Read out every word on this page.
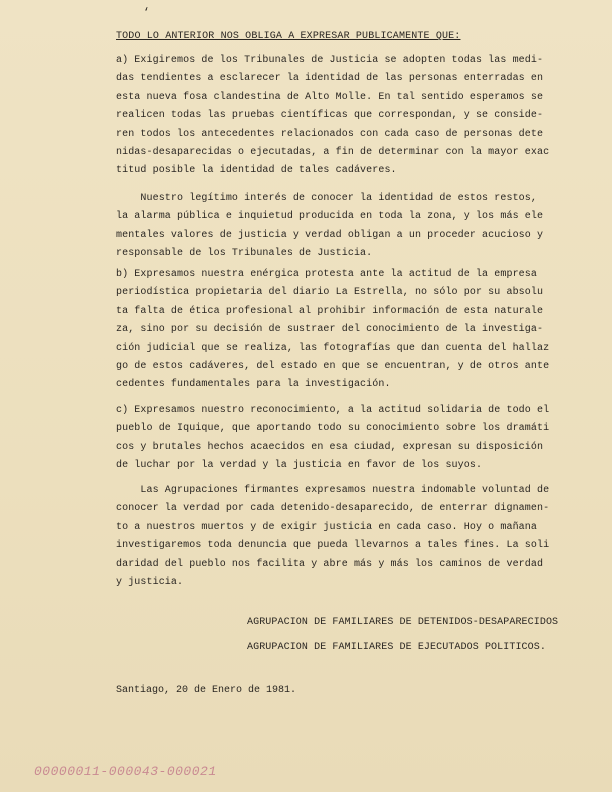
‘
TODO LO ANTERIOR NOS OBLIGA A EXPRESAR PUBLICAMENTE QUE:
a) Exigiremos de los Tribunales de Justicia se adopten todas las medi-
das tendientes a esclarecer la identidad de las personas enterradas en
esta nueva fosa clandestina de Alto Molle. En tal sentido esperamos se
realicen todas las pruebas científicas que correspondan, y se conside-
ren todos los antecedentes relacionados con cada caso de personas dete
nidas-desaparecidas o ejecutadas, a fin de determinar con la mayor exac
titud posible la identidad de tales cadáveres.
Nuestro legítimo interés de conocer la identidad de estos restos,
la alarma pública e inquietud producida en toda la zona, y los más ele
mentales valores de justicia y verdad obligan a un proceder acucioso y
responsable de los Tribunales de Justicia.
b) Expresamos nuestra enérgica protesta ante la actitud de la empresa
periodística propietaria del diario La Estrella, no sólo por su absolu
ta falta de ética profesional al prohibir información de esta naturale
za, sino por su decisión de sustraer del conocimiento de la investiga-
ción judicial que se realiza, las fotografías que dan cuenta del hallaz
go de estos cadáveres, del estado en que se encuentran, y de otros ante
cedentes fundamentales para la investigación.
c) Expresamos nuestro reconocimiento, a la actitud solidaria de todo el
pueblo de Iquique, que aportando todo su conocimiento sobre los dramáti
cos y brutales hechos acaecidos en esa ciudad, expresan su disposición
de luchar por la verdad y la justicia en favor de los suyos.
Las Agrupaciones firmantes expresamos nuestra indomable voluntad de
conocer la verdad por cada detenido-desaparecido, de enterrar dignamen-
to a nuestros muertos y de exigir justicia en cada caso. Hoy o mañana
investigaremos toda denuncia que pueda llevarnos a tales fines. La soli
daridad del pueblo nos facilita y abre más y más los caminos de verdad
y justicia.
AGRUPACION DE FAMILIARES DE DETENIDOS-DESAPARECIDOS
AGRUPACION DE FAMILIARES DE EJECUTADOS POLITICOS.
Santiago, 20 de Enero de 1981.
00000011-000043-000021
